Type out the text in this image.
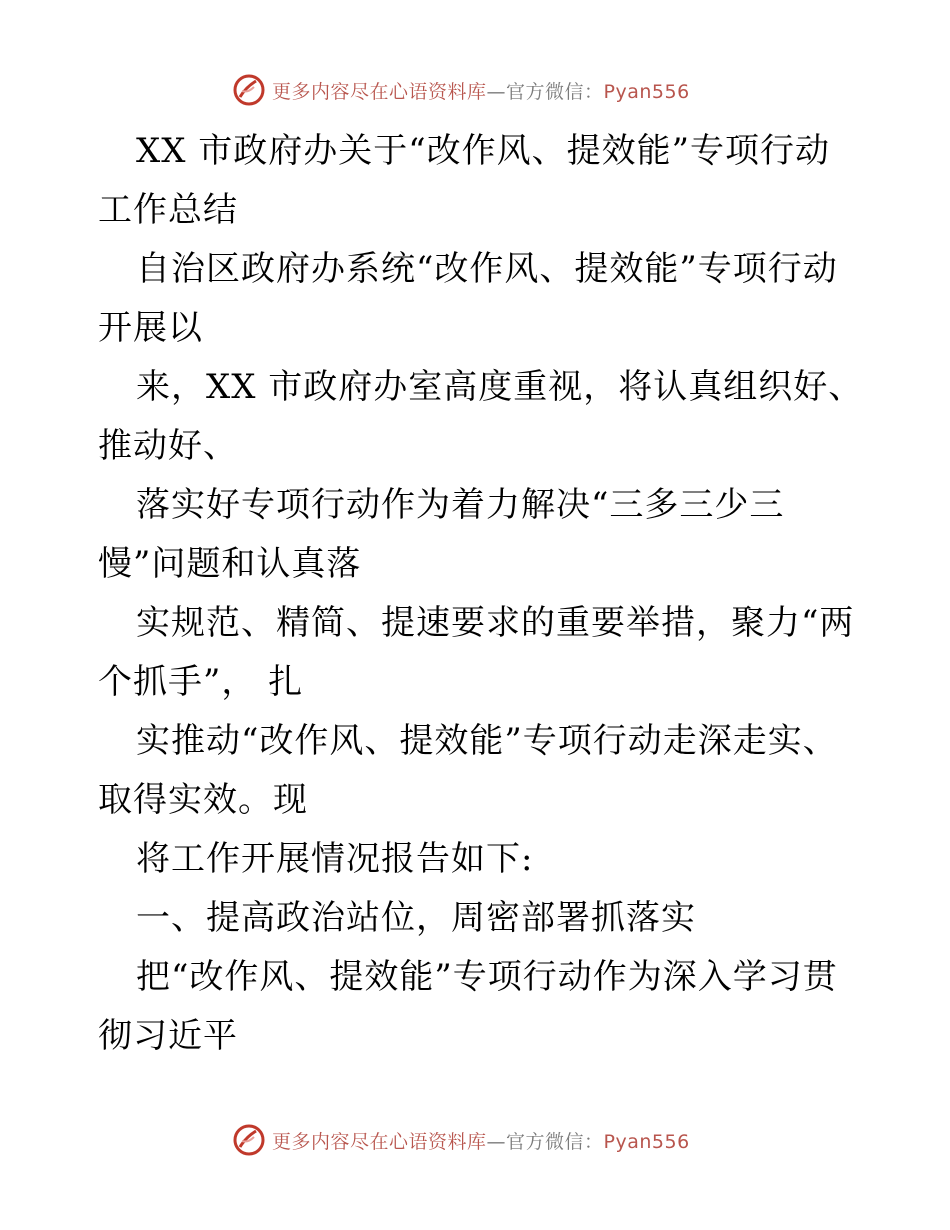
更多内容尽在心语资料库—官方微信：Pyan556
XX 市政府办关于“改作风、提效能”专项行动
工作总结
自治区政府办系统“改作风、提效能”专项行动
开展以
来，XX 市政府办室高度重视，将认真组织好、
推动好、
落实好专项行动作为着力解决“三多三少三
慢”问题和认真落
实规范、精简、提速要求的重要举措，聚力“两
个抓手”， 扎
实推动“改作风、提效能”专项行动走深走实、
取得实效。现
将工作开展情况报告如下:
一、提高政治站位，周密部署抓落实
把“改作风、提效能”专项行动作为深入学习贯
彻习近平
更多内容尽在心语资料库—官方微信：Pyan556
